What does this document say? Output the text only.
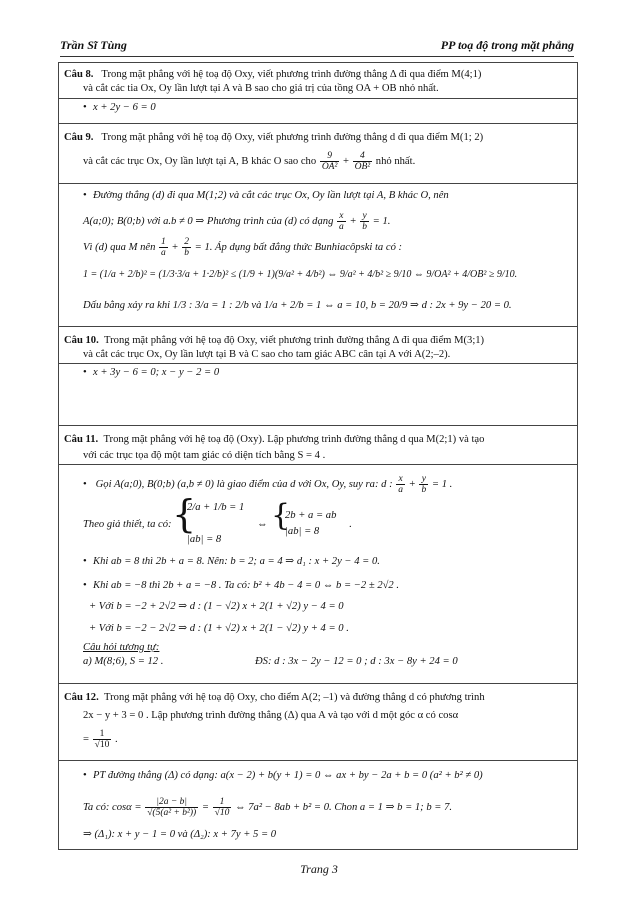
Trần Sĩ Tùng	PP toạ độ trong mặt phẳng
Câu 8. Trong mặt phẳng với hệ toạ độ Oxy, viết phương trình đường thẳng Δ đi qua điểm M(4;1)
và cắt các tia Ox, Oy lần lượt tại A và B sao cho giá trị của tồng OA + OB nhỏ nhất.
• x + 2y − 6 = 0
Câu 9. Trong mặt phẳng với hệ toạ độ Oxy, viết phương trình đường thẳng d đi qua điểm M(1; 2)
và cắt các trục Ox, Oy lần lượt tại A, B khác O sao cho $\frac{9}{\text{OA²}} + \frac{4}{\text{OB²}}$ nhỏ nhất.
• Đường thẳng (d) đi qua M(1;2) và cắt các trục Ox, Oy lần lượt tại A, B khác O, nên
A(a;0); B(0;b) với a.b ≠ 0 ⇒ Phương trình của (d) có dạng $\frac{x}{a} + \frac{y}{b} = 1$.
Vì (d) qua M nên $\frac{1}{a} + \frac{2}{b} = 1$. Áp dụng bất đẳng thức Bunhiacôpski ta có :
1 = (1/a + 2/b)² = (1/3·3/a + 1·2/b)² ≤ (1/9 + 1)(9/a² + 4/b²) ⇔ 9/a² + 4/b² ≥ 9/10 ⇔ 9/OA² + 4/OB² ≥ 9/10.
Dấu bằng xảy ra khi 1/3 : 3/a = 1 : 2/b và 1/a + 2/b = 1 ⇔ a = 10, b = 20/9 ⇒ d : 2x + 9y − 20 = 0.
Câu 10. Trong mặt phẳng với hệ toạ độ Oxy, viết phương trình đường thẳng Δ đi qua điểm M(3;1)
và cắt các trục Ox, Oy lần lượt tại B và C sao cho tam giác ABC cân tại A với A(2;–2).
• x + 3y − 6 = 0; x − y − 2 = 0
Câu 11. Trong mặt phẳng với hệ toạ độ (Oxy). Lập phương trình đường thẳng d qua M(2;1) và tạo
với các trục tọa độ một tam giác có diện tích bằng S = 4 .
• Gọi A(a;0), B(0;b) (a,b ≠ 0) là giao điểm của d với Ox, Oy, suy ra: d : $\frac{x}{a} + \frac{y}{b} = 1$ .
Theo giả thiết, ta có: {
2/a + 1/b = 1
|ab| = 8
⇔ {
2b + a = ab
|ab| = 8
.
• Khi ab = 8 thì 2b + a = 8. Nên: b = 2; a = 4 ⇒ d₁ : x + 2y − 4 = 0.
• Khi ab = −8 thì 2b + a = −8 . Ta có: b² + 4b − 4 = 0 ⇔ b = −2 ± 2√2 .
+ Với b = −2 + 2√2 ⇒ d : (1 − √2) x + 2(1 + √2) y − 4 = 0
+ Với b = −2 − 2√2 ⇒ d : (1 + √2) x + 2(1 − √2) y + 4 = 0 .
Câu hỏi tương tự:
a) M(8;6), S = 12 .	ĐS: d : 3x − 2y − 12 = 0 ; d : 3x − 8y + 24 = 0
Câu 12. Trong mặt phẳng với hệ toạ độ Oxy, cho điểm A(2; –1) và đường thẳng d có phương trình
2x − y + 3 = 0 . Lập phương trình đường thẳng (Δ) qua A và tạo với d một góc α có cosα
= $\frac{1}{√10}$ .
• PT đường thẳng (Δ) có dạng: a(x − 2) + b(y + 1) = 0 ⇔ ax + by − 2a + b = 0 (a² + b² ≠ 0)
Ta có: $\cos\alpha = \frac{|2a - b|}{\text{√(5(a² + b²))}} = \frac{1}{√10}$ ⇔ 7a² − 8ab + b² = 0. Chon a = 1 ⇒ b = 1; b = 7.
⇒ (Δ₁): x + y − 1 = 0 và (Δ₂): x + 7y + 5 = 0
Trang 3
